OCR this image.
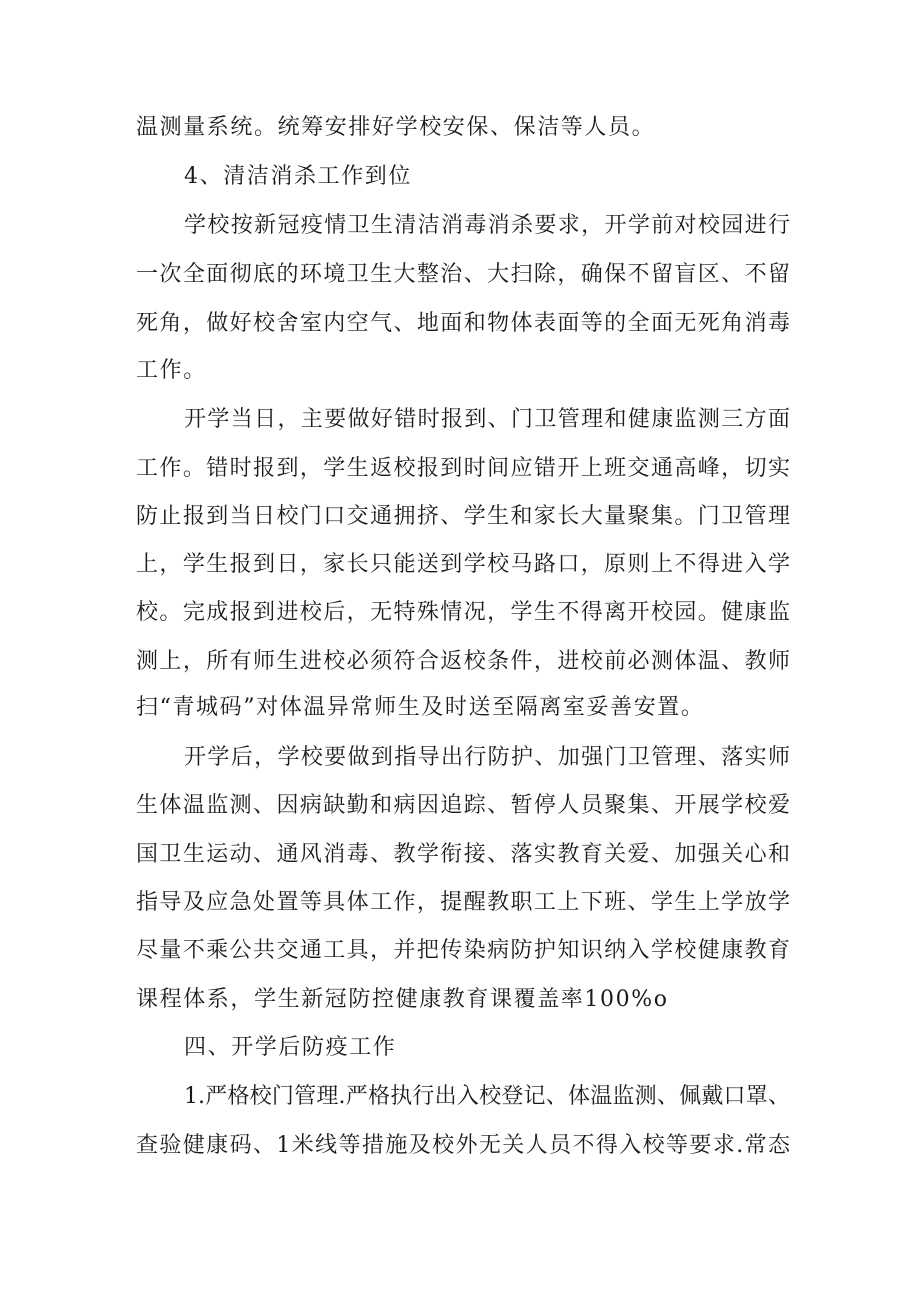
温测量系统。统筹安排好学校安保、保洁等人员。
4、清洁消杀工作到位
学校按新冠疫情卫生清洁消毒消杀要求，开学前对校园进行
一次全面彻底的环境卫生大整治、大扫除，确保不留盲区、不留
死角，做好校舍室内空气、地面和物体表面等的全面无死角消毒
工作。
开学当日，主要做好错时报到、门卫管理和健康监测三方面
工作。错时报到，学生返校报到时间应错开上班交通高峰，切实
防止报到当日校门口交通拥挤、学生和家长大量聚集。门卫管理
上，学生报到日，家长只能送到学校马路口，原则上不得进入学
校。完成报到进校后，无特殊情况，学生不得离开校园。健康监
测上，所有师生进校必须符合返校条件，进校前必测体温、教师
扫“青城码”对体温异常师生及时送至隔离室妥善安置。
开学后，学校要做到指导出行防护、加强门卫管理、落实师
生体温监测、因病缺勤和病因追踪、暂停人员聚集、开展学校爱
国卫生运动、通风消毒、教学衔接、落实教育关爱、加强关心和
指导及应急处置等具体工作，提醒教职工上下班、学生上学放学
尽量不乘公共交通工具，并把传染病防护知识纳入学校健康教育
课程体系，学生新冠防控健康教育课覆盖率100%o
四、开学后防疫工作
1.严格校门管理.严格执行出入校登记、体温监测、佩戴口罩、
查验健康码、1米线等措施及校外无关人员不得入校等要求.常态
